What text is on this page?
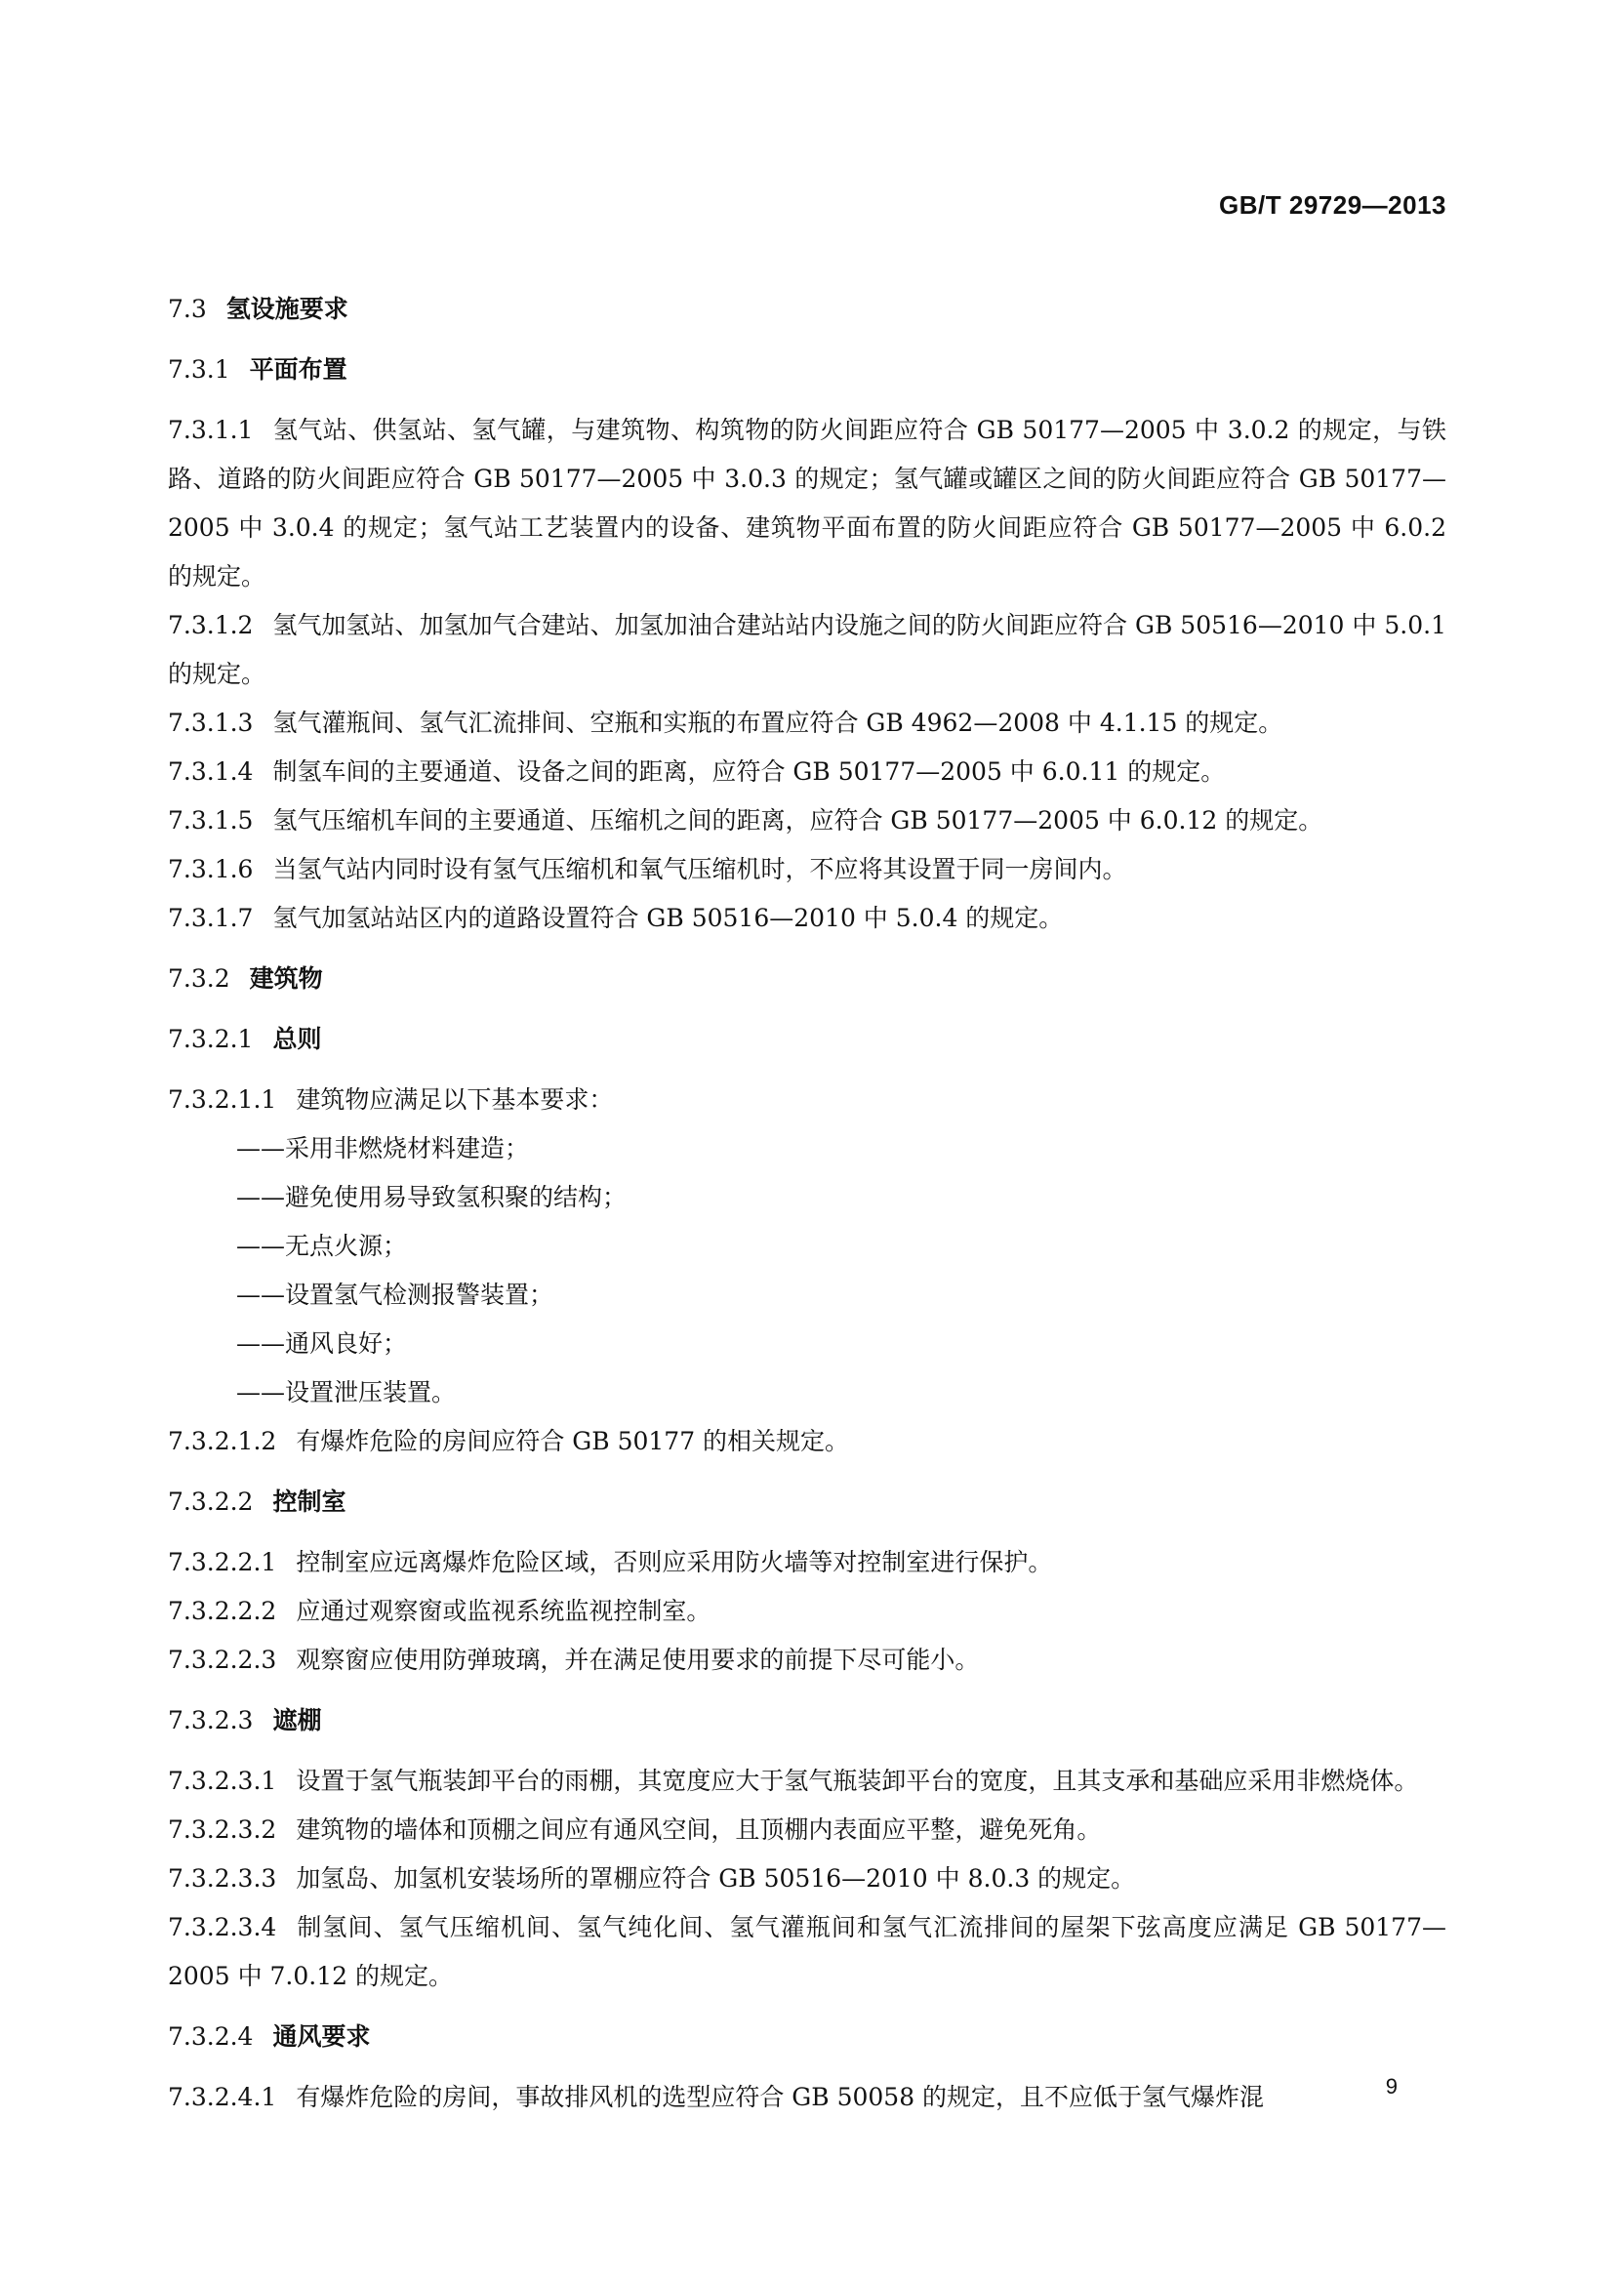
GB/T 29729—2013
7.3 氢设施要求
7.3.1 平面布置
7.3.1.1 氢气站、供氢站、氢气罐，与建筑物、构筑物的防火间距应符合 GB 50177—2005 中 3.0.2 的规定，与铁路、道路的防火间距应符合 GB 50177—2005 中 3.0.3 的规定；氢气罐或罐区之间的防火间距应符合 GB 50177—2005 中 3.0.4 的规定；氢气站工艺装置内的设备、建筑物平面布置的防火间距应符合 GB 50177—2005 中 6.0.2 的规定。
7.3.1.2 氢气加氢站、加氢加气合建站、加氢加油合建站站内设施之间的防火间距应符合 GB 50516—2010 中 5.0.1 的规定。
7.3.1.3 氢气灌瓶间、氢气汇流排间、空瓶和实瓶的布置应符合 GB 4962—2008 中 4.1.15 的规定。
7.3.1.4 制氢车间的主要通道、设备之间的距离，应符合 GB 50177—2005 中 6.0.11 的规定。
7.3.1.5 氢气压缩机车间的主要通道、压缩机之间的距离，应符合 GB 50177—2005 中 6.0.12 的规定。
7.3.1.6 当氢气站内同时设有氢气压缩机和氧气压缩机时，不应将其设置于同一房间内。
7.3.1.7 氢气加氢站站区内的道路设置符合 GB 50516—2010 中 5.0.4 的规定。
7.3.2 建筑物
7.3.2.1 总则
7.3.2.1.1 建筑物应满足以下基本要求：
——采用非燃烧材料建造；
——避免使用易导致氢积聚的结构；
——无点火源；
——设置氢气检测报警装置；
——通风良好；
——设置泄压装置。
7.3.2.1.2 有爆炸危险的房间应符合 GB 50177 的相关规定。
7.3.2.2 控制室
7.3.2.2.1 控制室应远离爆炸危险区域，否则应采用防火墙等对控制室进行保护。
7.3.2.2.2 应通过观察窗或监视系统监视控制室。
7.3.2.2.3 观察窗应使用防弹玻璃，并在满足使用要求的前提下尽可能小。
7.3.2.3 遮棚
7.3.2.3.1 设置于氢气瓶装卸平台的雨棚，其宽度应大于氢气瓶装卸平台的宽度，且其支承和基础应采用非燃烧体。
7.3.2.3.2 建筑物的墙体和顶棚之间应有通风空间，且顶棚内表面应平整，避免死角。
7.3.2.3.3 加氢岛、加氢机安装场所的罩棚应符合 GB 50516—2010 中 8.0.3 的规定。
7.3.2.3.4 制氢间、氢气压缩机间、氢气纯化间、氢气灌瓶间和氢气汇流排间的屋架下弦高度应满足 GB 50177—2005 中 7.0.12 的规定。
7.3.2.4 通风要求
7.3.2.4.1 有爆炸危险的房间，事故排风机的选型应符合 GB 50058 的规定，且不应低于氢气爆炸混	9
